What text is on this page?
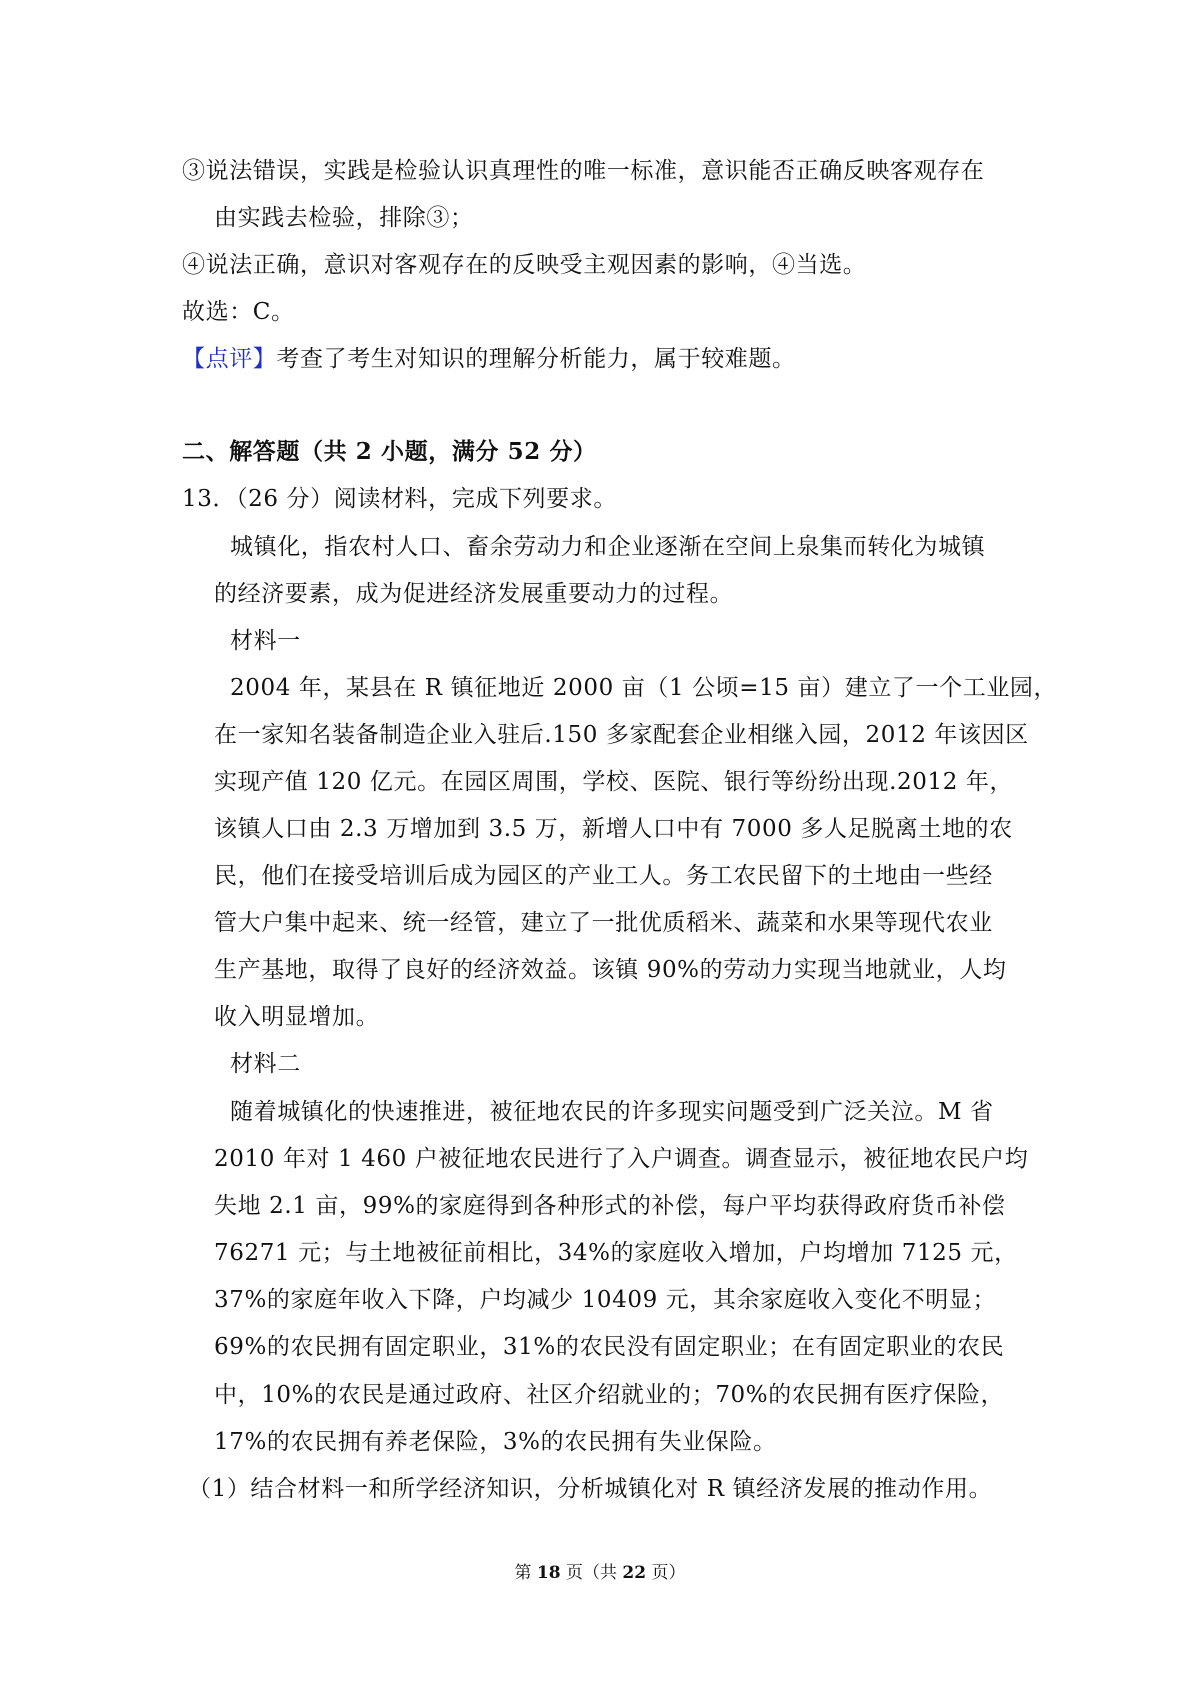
③说法错误，实践是检验认识真理性的唯一标准，意识能否正确反映客观存在
由实践去检验，排除③；
④说法正确，意识对客观存在的反映受主观因素的影响，④当选。
故选：C。
【点评】考查了考生对知识的理解分析能力，属于较难题。
二、解答题（共 2 小题，满分 52 分）
13．（26 分）阅读材料，完成下列要求。
城镇化，指农村人口、畜余劳动力和企业逐渐在空间上泉集而转化为城镇
的经济要素，成为促进经济发展重要动力的过程。
材料一
2004 年，某县在 R 镇征地近 2000 亩（1 公顷=15 亩）建立了一个工业园，
在一家知名装备制造企业入驻后.150 多家配套企业相继入园，2012 年该因区
实现产值 120 亿元。在园区周围，学校、医院、银行等纷纷出现.2012 年，
该镇人口由 2.3 万增加到 3.5 万，新增人口中有 7000 多人足脱离土地的农
民，他们在接受培训后成为园区的产业工人。务工农民留下的土地由一些经
管大户集中起来、统一经管，建立了一批优质稻米、蔬菜和水果等现代农业
生产基地，取得了良好的经济效益。该镇 90%的劳动力实现当地就业，人均
收入明显增加。
材料二
随着城镇化的快速推进，被征地农民的许多现实问题受到广泛关泣。M 省
2010 年对 1 460 户被征地农民进行了入户调查。调查显示，被征地农民户均
失地 2.1 亩，99%的家庭得到各种形式的补偿，每户平均获得政府货币补偿
76271 元；与土地被征前相比，34%的家庭收入增加，户均增加 7125 元，
37%的家庭年收入下降，户均减少 10409 元，其余家庭收入变化不明显；
69%的农民拥有固定职业，31%的农民没有固定职业；在有固定职业的农民
中，10%的农民是通过政府、社区介绍就业的；70%的农民拥有医疗保险，
17%的农民拥有养老保险，3%的农民拥有失业保险。
（1）结合材料一和所学经济知识，分析城镇化对 R 镇经济发展的推动作用。
第 18 页（共 22 页）
